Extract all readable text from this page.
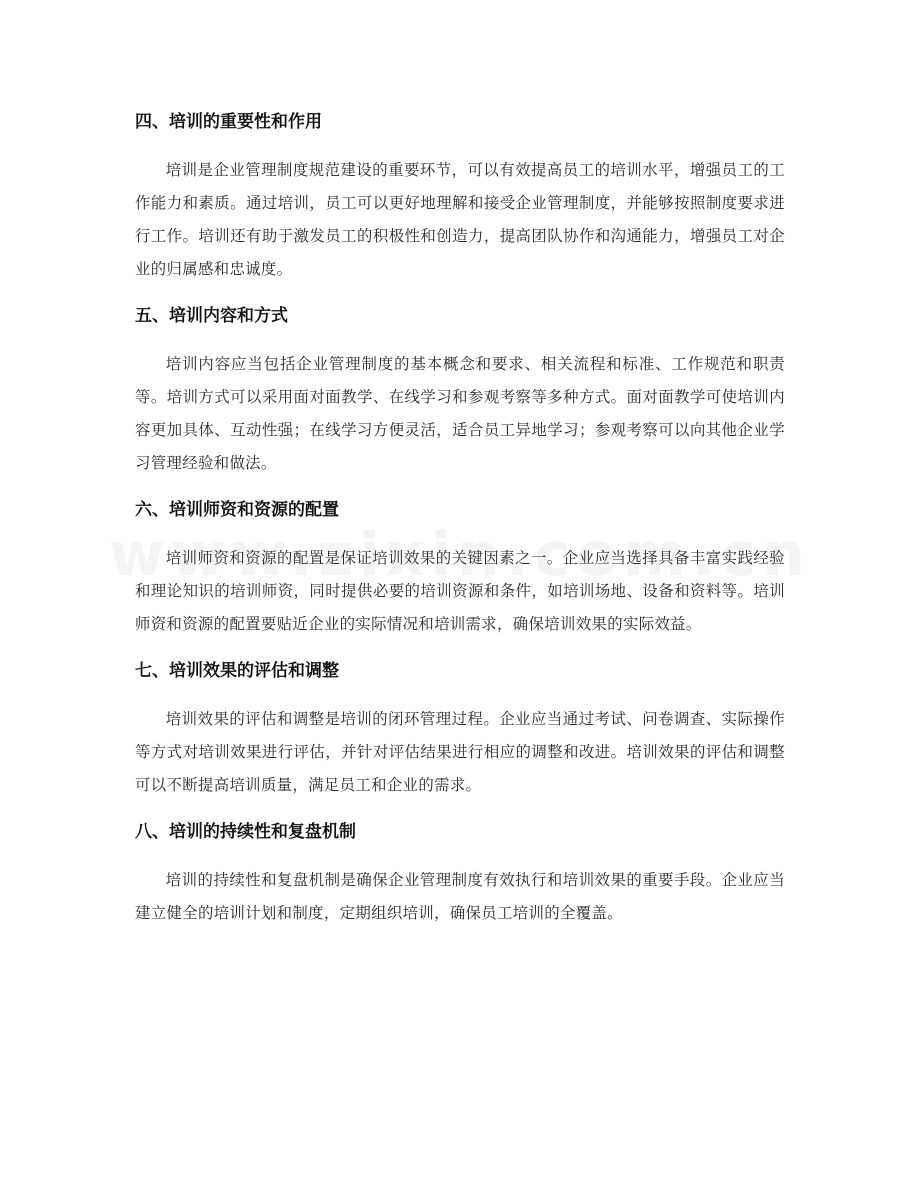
四、培训的重要性和作用

培训是企业管理制度规范建设的重要环节，可以有效提高员工的培训水平，增强员工的工作能力和素质。通过培训，员工可以更好地理解和接受企业管理制度，并能够按照制度要求进行工作。培训还有助于激发员工的积极性和创造力，提高团队协作和沟通能力，增强员工对企业的归属感和忠诚度。

五、培训内容和方式

培训内容应当包括企业管理制度的基本概念和要求、相关流程和标准、工作规范和职责等。培训方式可以采用面对面教学、在线学习和参观考察等多种方式。面对面教学可使培训内容更加具体、互动性强；在线学习方便灵活，适合员工异地学习；参观考察可以向其他企业学习管理经验和做法。

六、培训师资和资源的配置

培训师资和资源的配置是保证培训效果的关键因素之一。企业应当选择具备丰富实践经验和理论知识的培训师资，同时提供必要的培训资源和条件，如培训场地、设备和资料等。培训师资和资源的配置要贴近企业的实际情况和培训需求，确保培训效果的实际效益。

七、培训效果的评估和调整

培训效果的评估和调整是培训的闭环管理过程。企业应当通过考试、问卷调查、实际操作等方式对培训效果进行评估，并针对评估结果进行相应的调整和改进。培训效果的评估和调整可以不断提高培训质量，满足员工和企业的需求。

八、培训的持续性和复盘机制

培训的持续性和复盘机制是确保企业管理制度有效执行和培训效果的重要手段。企业应当建立健全的培训计划和制度，定期组织培训，确保员工培训的全覆盖。
